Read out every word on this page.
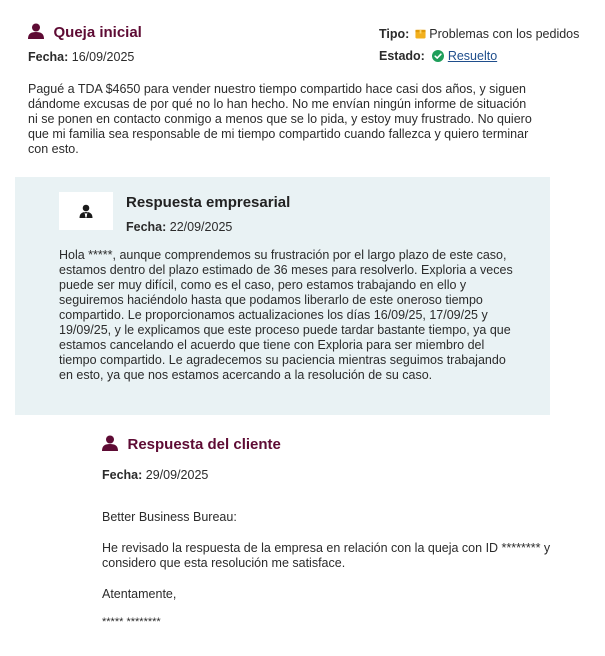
Queja inicial
Fecha: 16/09/2025
Tipo: Problemas con los pedidos
Estado: Resuelto
Pagué a TDA $4650 para vender nuestro tiempo compartido hace casi dos años, y siguen dándome excusas de por qué no lo han hecho. No me envían ningún informe de situación ni se ponen en contacto conmigo a menos que se lo pida, y estoy muy frustrado. No quiero que mi familia sea responsable de mi tiempo compartido cuando fallezca y quiero terminar con esto.
Respuesta empresarial
Fecha: 22/09/2025
Hola *****, aunque comprendemos su frustración por el largo plazo de este caso, estamos dentro del plazo estimado de 36 meses para resolverlo. Exploria a veces puede ser muy difícil, como es el caso, pero estamos trabajando en ello y seguiremos haciéndolo hasta que podamos liberarlo de este oneroso tiempo compartido. Le proporcionamos actualizaciones los días 16/09/25, 17/09/25 y 19/09/25, y le explicamos que este proceso puede tardar bastante tiempo, ya que estamos cancelando el acuerdo que tiene con Exploria para ser miembro del tiempo compartido. Le agradecemos su paciencia mientras seguimos trabajando en esto, ya que nos estamos acercando a la resolución de su caso.
Respuesta del cliente
Fecha: 29/09/2025
Better Business Bureau:
He revisado la respuesta de la empresa en relación con la queja con ID ******** y considero que esta resolución me satisface.
Atentamente,
***** ********
